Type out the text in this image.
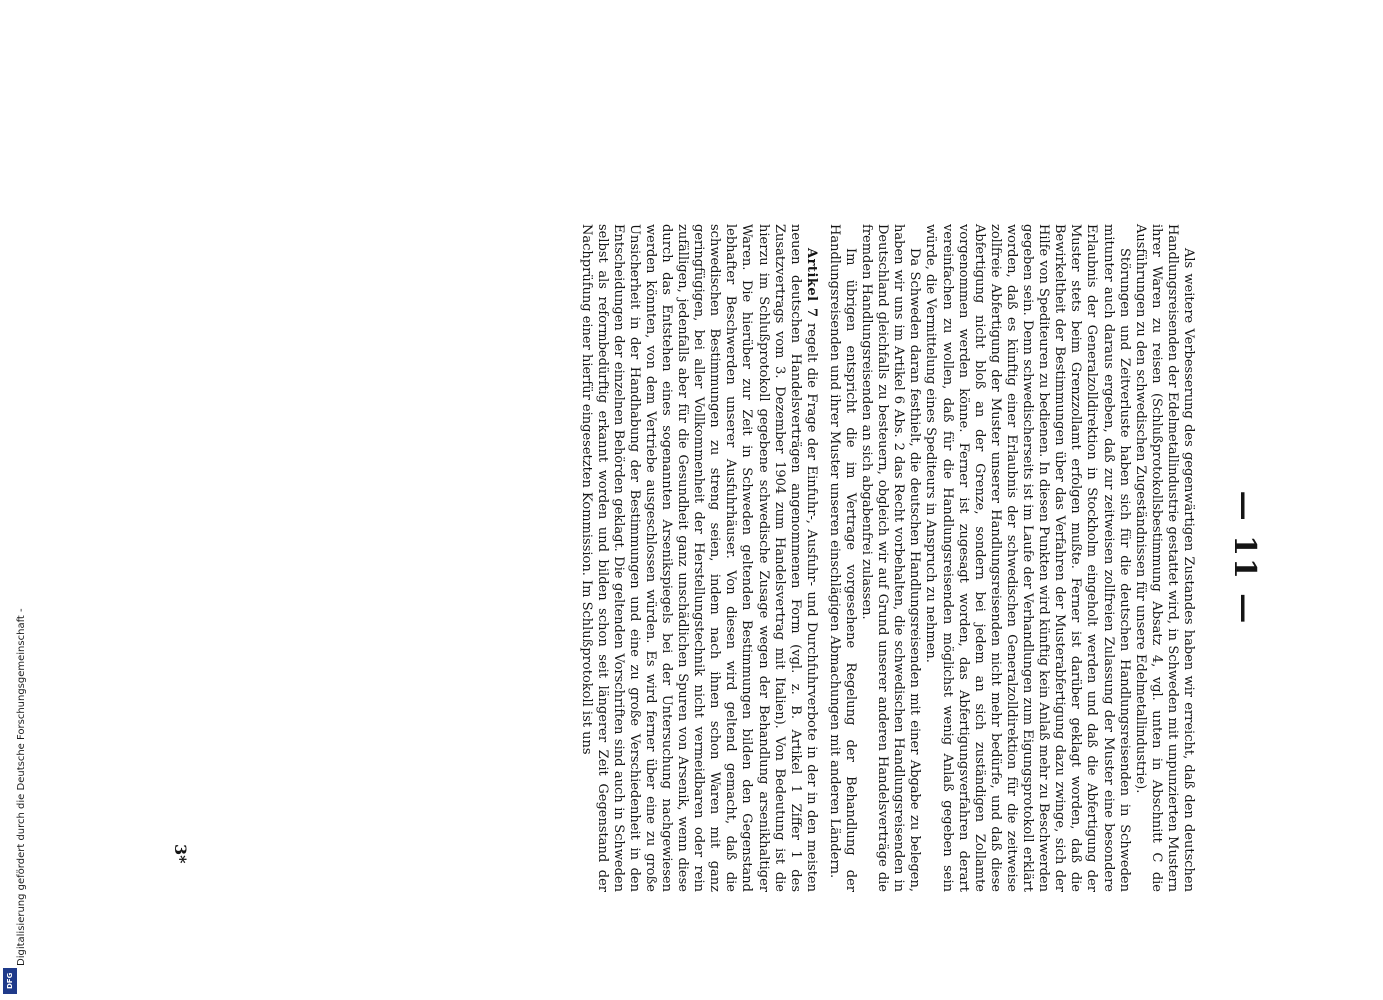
— 11 —

Als weitere Verbesserung des gegenwärtigen Zustandes haben wir erreicht, daß den deutschen Handlungsreisenden der Edelmetallindustrie gestattet wird, in Schweden mit unpunzierten Mustern ihrer Waren zu reisen (Schlußprotokollsbestimmung Absatz 4, vgl. unten in Abschnitt C die Ausführungen zu den schwedischen Zugeständnissen für unsere Edelmetallindustrie).

Störungen und Zeitverluste haben sich für die deutschen Handlungsreisenden in Schweden mitunter auch daraus ergeben, daß zur zeitweisen zollfreien Zulassung der Muster eine besondere Erlaubnis der Generalzolldirektion in Stockholm eingeholt werden und daß die Abfertigung der Muster stets beim Grenzzollamt erfolgen mußte. Ferner ist darüber geklagt worden, daß die Bewirkeltheit der Bestimmungen über das Verfahren der Musterabfertigung dazu zwinge, sich der Hilfe von Spediteuren zu bedienen. In diesen Punkten wird künftig kein Anlaß mehr zu Beschwerden gegeben sein. Denn schwedischerseits ist im Laufe der Verhandlungen zum Eigungsprotokoll erklärt worden, daß es künftig einer Erlaubnis der schwedischen Generalzolldirektion für die zeitweise zollfreie Abfertigung der Muster unserer Handlungsreisenden nicht mehr bedürfe, und daß diese Abfertigung nicht bloß an der Grenze, sondern bei jedem an sich zuständigen Zollamte vorgenommen werden könne. Ferner ist zugesagt worden, das Abfertigungsverfahren derart vereinfachen zu wollen, daß für die Handlungsreisenden möglichst wenig Anlaß gegeben sein würde, die Vermittelung eines Spediteurs in Anspruch zu nehmen.

Da Schweden daran festhielt, die deutschen Handlungsreisenden mit einer Abgabe zu belegen, haben wir uns im Artikel 6 Abs. 2 das Recht vorbehalten, die schwedischen Handlungsreisenden in Deutschland gleichfalls zu besteuern, obgleich wir auf Grund unserer anderen Handelsverträge die fremden Handlungsreisenden an sich abgabenfrei zulassen.

Im übrigen entspricht die im Vertrage vorgesehene Regelung der Behandlung der Handlungsreisenden und ihrer Muster unseren einschlägigen Abmachungen mit anderen Ländern.

Artikel 7 regelt die Frage der Einfuhr-, Ausfuhr- und Durchfuhrverbote in der in den meisten neuen deutschen Handelsverträgen angenommenen Form (vgl. z. B. Artikel 1 Ziffer 1 des Zusatzvertrags vom 3. Dezember 1904 zum Handelsvertrag mit Italien). Von Bedeutung ist die hierzu im Schlußprotokoll gegebene schwedische Zusage wegen der Behandlung arsenikhaltiger Waren. Die hierüber zur Zeit in Schweden geltenden Bestimmungen bilden den Gegenstand lebhafter Beschwerden unserer Ausfuhrhäuser. Von diesen wird geltend gemacht, daß die schwedischen Bestimmungen zu streng seien, indem nach ihnen schon Waren mit ganz geringfügigen, bei aller Vollkommenheit der Herstellungstechnik nicht vermeidbaren oder rein zufälligen, jedenfalls aber für die Gesundheit ganz unschädlichen Spuren von Arsenik, wenn diese durch das Entstehen eines sogenannten Arsenikspiegels bei der Untersuchung nachgewiesen werden könnten, von dem Vertriebe ausgeschlossen würden. Es wird ferner über eine zu große Unsicherheit in der Handhabung der Bestimmungen und eine zu große Verschiedenheit in den Entscheidungen der einzelnen Behörden geklagt. Die geltenden Vorschriften sind auch in Schweden selbst als reformbedürftig erkannt worden und bilden schon seit längerer Zeit Gegenstand der Nachprüfung einer hierfür eingesetzten Kommission. Im Schlußprotokoll ist uns

3*
Digitalisierung gefördert durch die Deutsche Forschungsgemeinschaft -
DFG
